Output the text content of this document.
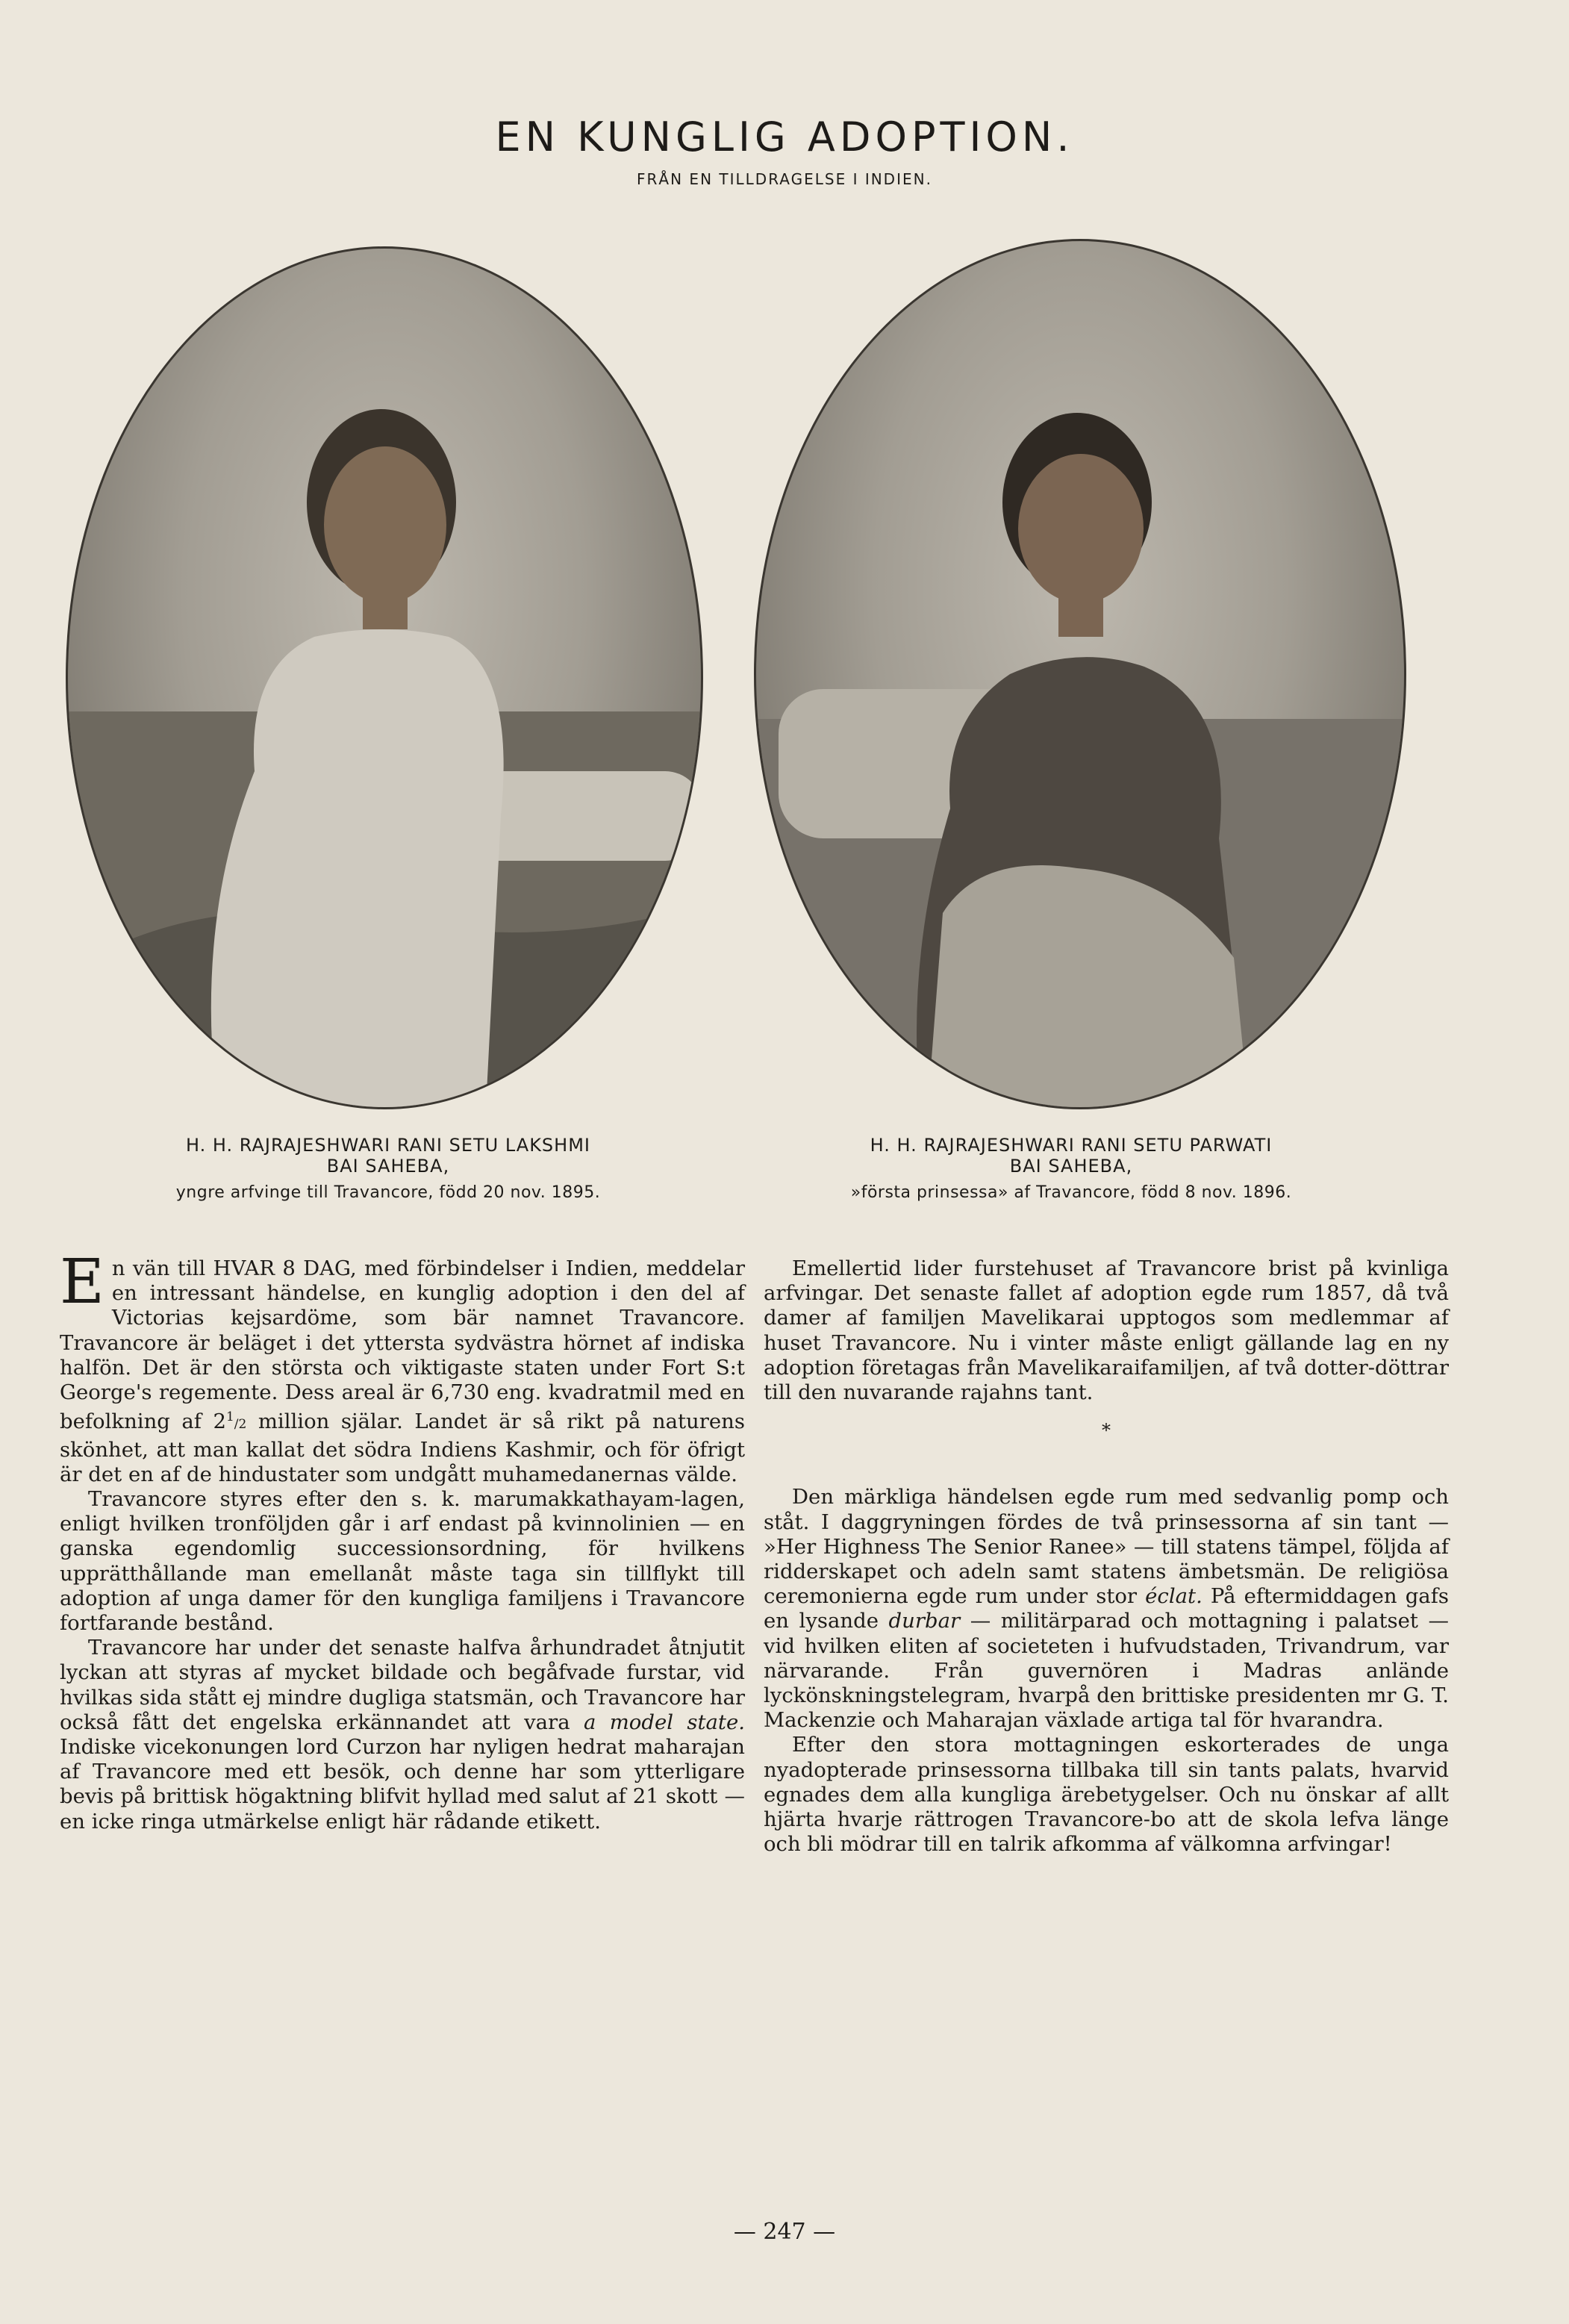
EN KUNGLIG ADOPTION.
FRÅN EN TILLDRAGELSE I INDIEN.
H. H. RAJRAJESHWARI RANI SETU LAKSHMI
BAI SAHEBA,
yngre arfvinge till Travancore, född 20 nov. 1895.
H. H. RAJRAJESHWARI RANI SETU PARWATI
BAI SAHEBA,
»första prinsessa» af Travancore, född 8 nov. 1896.

En vän till HVAR 8 DAG, med förbindelser i Indien, meddelar en intressant händelse, en kunglig adoption i den del af Victorias kejsardöme, som bär namnet Travancore. Travancore är beläget i det yttersta sydvästra hörnet af indiska halfön. Det är den största och viktigaste staten under Fort S:t George's regemente. Dess areal är 6,730 eng. kvadratmil med en befolkning af $2^1/2$ million själar. Landet är så rikt på naturens skönhet, att man kallat det södra Indiens Kashmir, och för öfrigt är det en af de hindustater som undgått muhamedanernas välde.

Travancore styres efter den s. k. marumakkathayam-lagen, enligt hvilken tronföljden går i arf endast på kvinnolinien — en ganska egendomlig successionsordning, för hvilkens upprätthållande man emellanåt måste taga sin tillflykt till adoption af unga damer för den kungliga familjens i Travancore fortfarande bestånd.

Travancore har under det senaste halfva århundradet åtnjutit lyckan att styras af mycket bildade och begåfvade furstar, vid hvilkas sida stått ej mindre dugliga statsmän, och Travancore har också fått det engelska erkännandet att vara a model state. Indiske vicekonungen lord Curzon har nyligen hedrat maharajan af Travancore med ett besök, och denne har som ytterligare bevis på brittisk högaktning blifvit hyllad med salut af 21 skott — en icke ringa utmärkelse enligt här rådande etikett.

Emellertid lider furstehuset af Travancore brist på kvinliga arfvingar. Det senaste fallet af adoption egde rum 1857, då två damer af familjen Mavelikarai upptogos som medlemmar af huset Travancore. Nu i vinter måste enligt gällande lag en ny adoption företagas från Mavelikaraifamiljen, af två dotter-döttrar till den nuvarande rajahns tant.

*

Den märkliga händelsen egde rum med sedvanlig pomp och ståt. I daggryningen fördes de två prinsessorna af sin tant — »Her Highness The Senior Ranee» — till statens tämpel, följda af ridderskapet och adeln samt statens ämbetsmän. De religiösa ceremonierna egde rum under stor éclat. På eftermiddagen gafs en lysande durbar — militärparad och mottagning i palatset — vid hvilken eliten af societeten i hufvudstaden, Trivandrum, var närvarande. Från guvernören i Madras anlände lyckönskningstelegram, hvarpå den brittiske presidenten mr G. T. Mackenzie och Maharajan växlade artiga tal för hvarandra.

Efter den stora mottagningen eskorterades de unga nyadopterade prinsessorna tillbaka till sin tants palats, hvarvid egnades dem alla kungliga ärebetygelser. Och nu önskar af allt hjärta hvarje rättrogen Travancore-bo att de skola lefva länge och bli mödrar till en talrik afkomma af välkomna arfvingar!

— 247 —
